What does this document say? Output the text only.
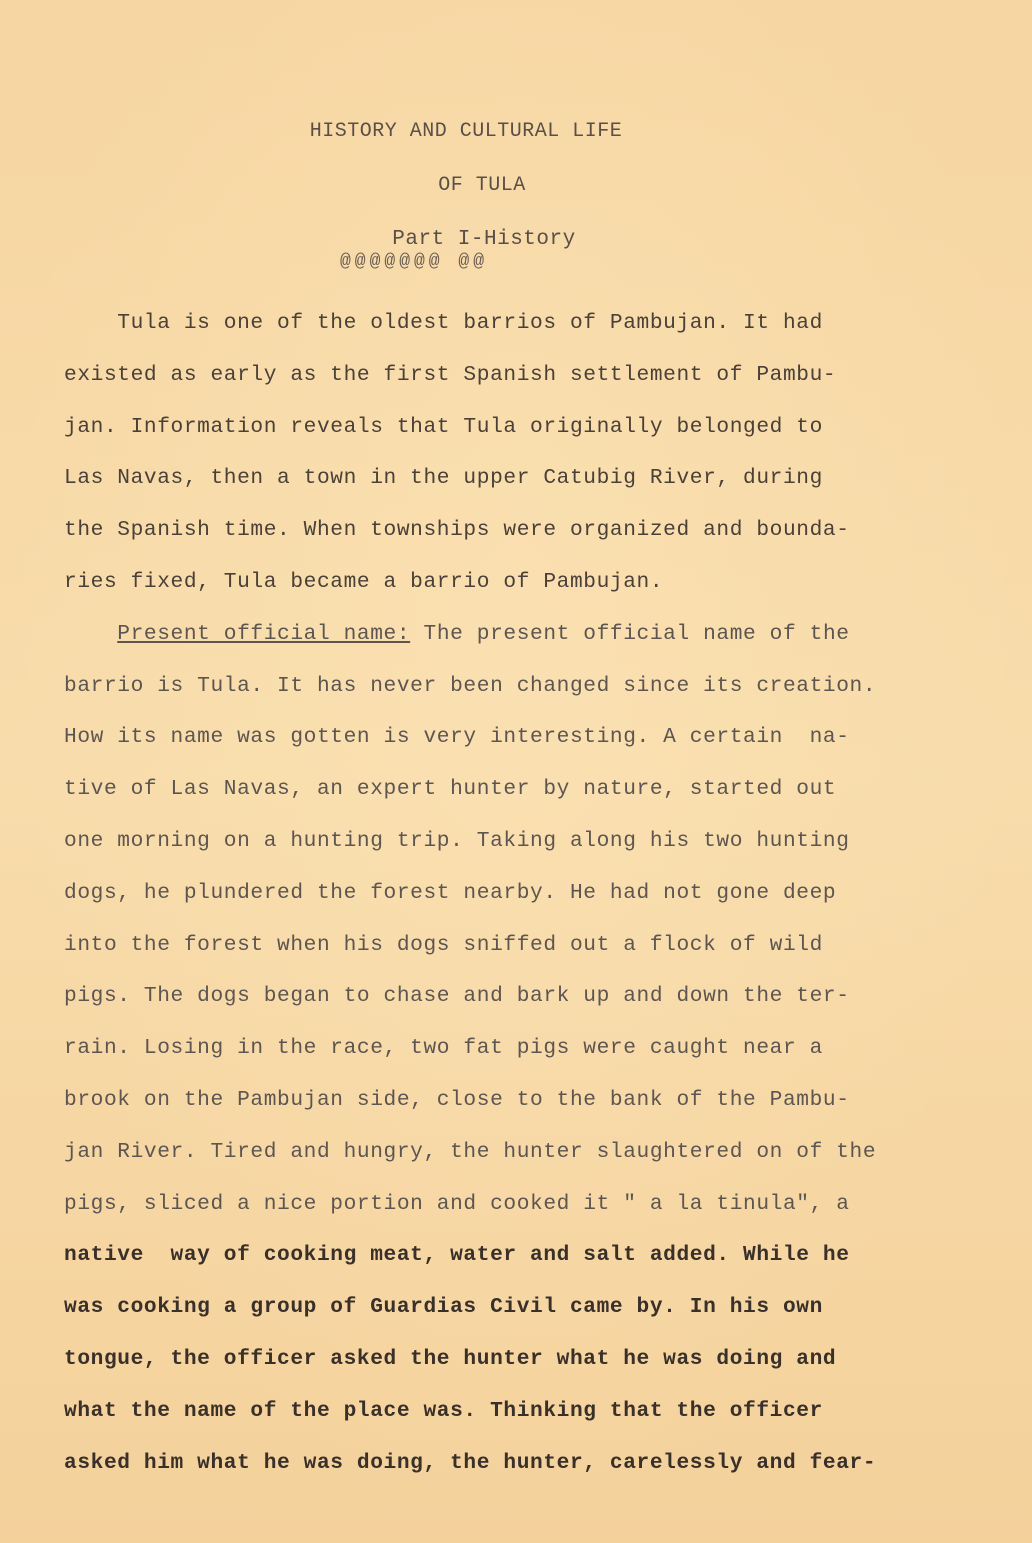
HISTORY AND CULTURAL LIFE
OF TULA
Part I-History
@@@@@@@ @@
Tula is one of the oldest barrios of Pambujan. It had
existed as early as the first Spanish settlement of Pambu-
jan. Information reveals that Tula originally belonged to
Las Navas, then a town in the upper Catubig River, during
the Spanish time. When townships were organized and bounda-
ries fixed, Tula became a barrio of Pambujan.
Present official name: The present official name of the
barrio is Tula. It has never been changed since its creation.
How its name was gotten is very interesting. A certain  na-
tive of Las Navas, an expert hunter by nature, started out
one morning on a hunting trip. Taking along his two hunting
dogs, he plundered the forest nearby. He had not gone deep
into the forest when his dogs sniffed out a flock of wild
pigs. The dogs began to chase and bark up and down the ter-
rain. Losing in the race, two fat pigs were caught near a
brook on the Pambujan side, close to the bank of the Pambu-
jan River. Tired and hungry, the hunter slaughtered on of the
pigs, sliced a nice portion and cooked it " a la tinula", a
native  way of cooking meat, water and salt added. While he
was cooking a group of Guardias Civil came by. In his own
tongue, the officer asked the hunter what he was doing and
what the name of the place was. Thinking that the officer
asked him what he was doing, the hunter, carelessly and fear-
